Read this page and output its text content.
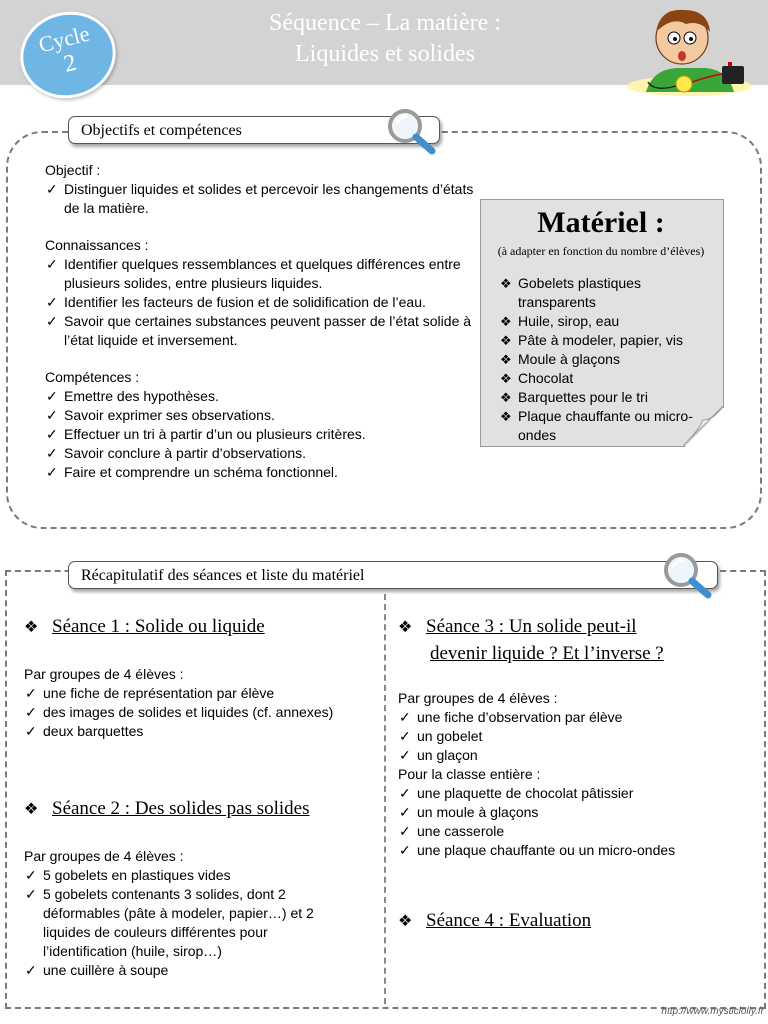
Séquence – La matière :
Liquides et solides
Cycle
2
Objectifs et compétences
Objectif :
✓ Distinguer liquides et solides et percevoir les changements d’états de la matière.
Connaissances :
✓ Identifier quelques ressemblances et quelques différences entre plusieurs solides, entre plusieurs liquides.
✓ Identifier les facteurs de fusion et de solidification de l’eau.
✓ Savoir que certaines substances peuvent passer de l’état solide à l’état liquide et inversement.
Compétences :
✓ Emettre des hypothèses.
✓ Savoir exprimer ses observations.
✓ Effectuer un tri à partir d’un ou plusieurs critères.
✓ Savoir conclure à partir d’observations.
✓ Faire et comprendre un schéma fonctionnel.
Matériel :
(à adapter en fonction du nombre d’élèves)
❖ Gobelets plastiques transparents
❖ Huile, sirop, eau
❖ Pâte à modeler, papier, vis
❖ Moule à glaçons
❖ Chocolat
❖ Barquettes pour le tri
❖ Plaque chauffante ou micro-ondes
Récapitulatif des séances et liste du matériel
❖ Séance 1 : Solide ou liquide
Par groupes de 4 élèves :
✓ une fiche de représentation par élève
✓ des images de solides et liquides (cf. annexes)
✓ deux barquettes
❖ Séance 2 : Des solides pas solides
Par groupes de 4 élèves :
✓ 5 gobelets en plastiques vides
✓ 5 gobelets contenants 3 solides, dont 2 déformables (pâte à modeler, papier…) et 2 liquides de couleurs différentes pour l’identification (huile, sirop…)
✓ une cuillère à soupe
❖ Séance 3 : Un solide peut-il
devenir liquide ? Et l’inverse ?
Par groupes de 4 élèves :
✓ une fiche d’observation par élève
✓ un gobelet
✓ un glaçon
Pour la classe entière :
✓ une plaquette de chocolat pâtissier
✓ un moule à glaçons
✓ une casserole
✓ une plaque chauffante ou un micro-ondes
❖ Séance 4 : Evaluation
http://www.mysticlolly.fr
